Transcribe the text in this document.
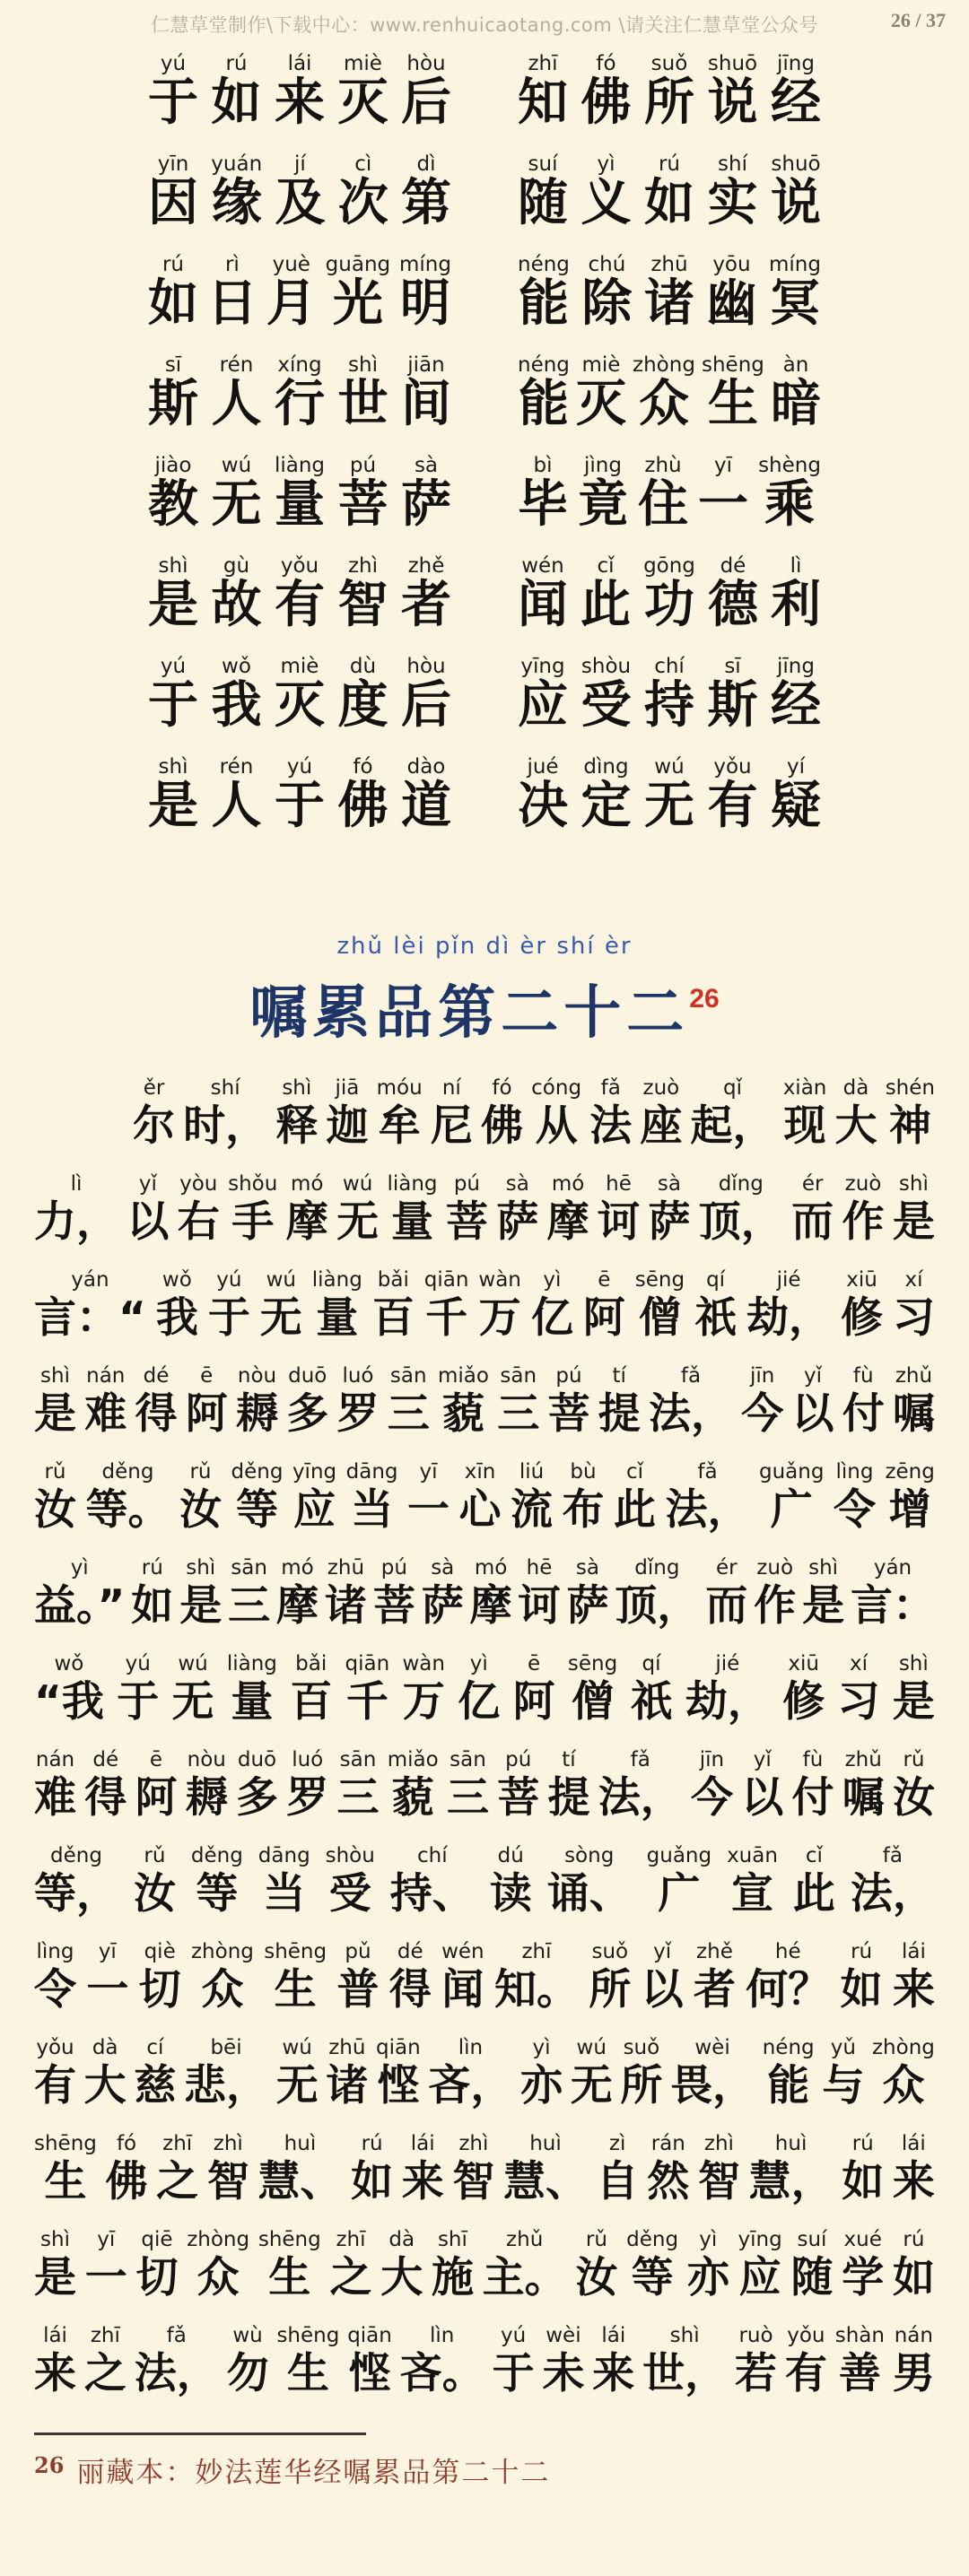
仁慧草堂制作\下载中心：www.renhuicaotang.com \请关注仁慧草堂公众号	26 / 37
yú
于
rú
如
lái
来
miè
灭
hòu
后
zhī
知
fó
佛
suǒ
所
shuō
说
jīng
经
yīn
因
yuán
缘
jí
及
cì
次
dì
第
suí
随
yì
义
rú
如
shí
实
shuō
说
rú
如
rì
日
yuè
月
guāng
光
míng
明
néng
能
chú
除
zhū
诸
yōu
幽
míng
冥
sī
斯
rén
人
xíng
行
shì
世
jiān
间
néng
能
miè
灭
zhòng
众
shēng
生
àn
暗
jiào
教
wú
无
liàng
量
pú
菩
sà
萨
bì
毕
jìng
竟
zhù
住
yī
一
shèng
乘
shì
是
gù
故
yǒu
有
zhì
智
zhě
者
wén
闻
cǐ
此
gōng
功
dé
德
lì
利
yú
于
wǒ
我
miè
灭
dù
度
hòu
后
yīng
应
shòu
受
chí
持
sī
斯
jīng
经
shì
是
rén
人
yú
于
fó
佛
dào
道
jué
决
dìng
定
wú
无
yǒu
有
yí
疑
zhǔ lèi pǐn dì èr shí èr
嘱累品第二十二$^{26}$
ěr
尔
shí
时，
shì
释
jiā
迦
móu
牟
ní
尼
fó
佛
cóng
从
fǎ
法
zuò
座
qǐ
起，
xiàn
现
dà
大
shén
神
lì
力，
yǐ
以
yòu
右
shǒu
手
mó
摩
wú
无
liàng
量
pú
菩
sà
萨
mó
摩
hē
诃
sà
萨
dǐng
顶，
ér
而
zuò
作
shì
是
yán
言：“
wǒ
我
yú
于
wú
无
liàng
量
bǎi
百
qiān
千
wàn
万
yì
亿
ē
阿
sēng
僧
qí
祇
jié
劫，
xiū
修
xí
习
shì
是
nán
难
dé
得
ē
阿
nòu
耨
duō
多
luó
罗
sān
三
miǎo
藐
sān
三
pú
菩
tí
提
fǎ
法，
jīn
今
yǐ
以
fù
付
zhǔ
嘱
rǔ
汝
děng
等。
rǔ
汝
děng
等
yīng
应
dāng
当
yī
一
xīn
心
liú
流
bù
布
cǐ
此
fǎ
法，
guǎng
广
lìng
令
zēng
增
yì
益。”
rú
如
shì
是
sān
三
mó
摩
zhū
诸
pú
菩
sà
萨
mó
摩
hē
诃
sà
萨
dǐng
顶，
ér
而
zuò
作
shì
是
yán
言：
wǒ
“我
yú
于
wú
无
liàng
量
bǎi
百
qiān
千
wàn
万
yì
亿
ē
阿
sēng
僧
qí
祇
jié
劫，
xiū
修
xí
习
shì
是
nán
难
dé
得
ē
阿
nòu
耨
duō
多
luó
罗
sān
三
miǎo
藐
sān
三
pú
菩
tí
提
fǎ
法，
jīn
今
yǐ
以
fù
付
zhǔ
嘱
rǔ
汝
děng
等，
rǔ
汝
děng
等
dāng
当
shòu
受
chí
持、
dú
读
sòng
诵、
guǎng
广
xuān
宣
cǐ
此
fǎ
法，
lìng
令
yī
一
qiè
切
zhòng
众
shēng
生
pǔ
普
dé
得
wén
闻
zhī
知。
suǒ
所
yǐ
以
zhě
者
hé
何？
rú
如
lái
来
yǒu
有
dà
大
cí
慈
bēi
悲，
wú
无
zhū
诸
qiān
悭
lìn
吝，
yì
亦
wú
无
suǒ
所
wèi
畏，
néng
能
yǔ
与
zhòng
众
shēng
生
fó
佛
zhī
之
zhì
智
huì
慧、
rú
如
lái
来
zhì
智
huì
慧、
zì
自
rán
然
zhì
智
huì
慧，
rú
如
lái
来
shì
是
yī
一
qiē
切
zhòng
众
shēng
生
zhī
之
dà
大
shī
施
zhǔ
主。
rǔ
汝
děng
等
yì
亦
yīng
应
suí
随
xué
学
rú
如
lái
来
zhī
之
fǎ
法，
wù
勿
shēng
生
qiān
悭
lìn
吝。
yú
于
wèi
未
lái
来
shì
世，
ruò
若
yǒu
有
shàn
善
nán
男
$^{26}$ 丽藏本：妙法莲华经嘱累品第二十二
